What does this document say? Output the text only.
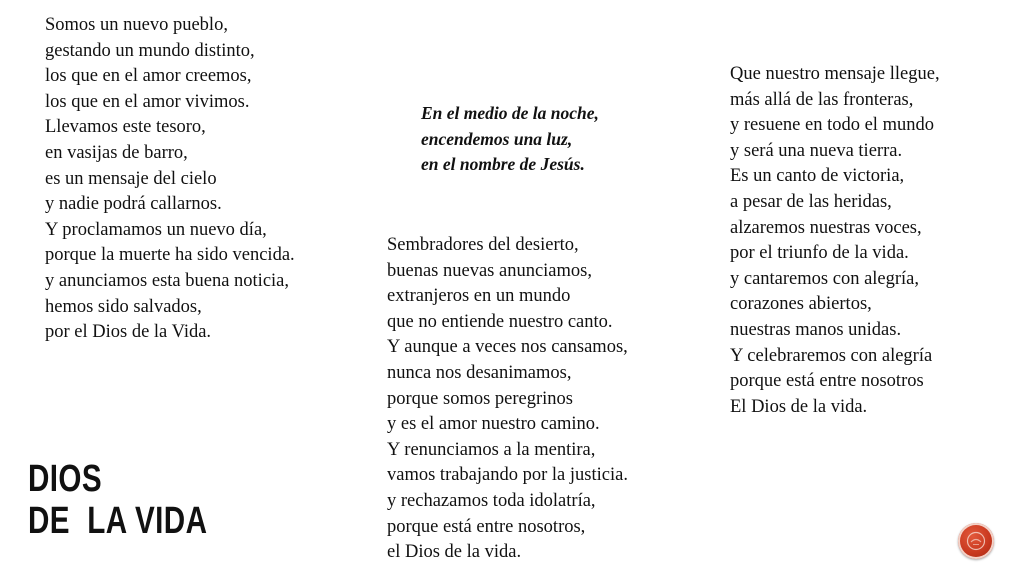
Somos un nuevo pueblo,
gestando un mundo distinto,
los que en el amor creemos,
los que en el amor vivimos.
Llevamos este tesoro,
en vasijas de barro,
es un mensaje del cielo
y nadie podrá callarnos.
Y proclamamos un nuevo día,
porque la muerte ha sido vencida.
y anunciamos esta buena noticia,
hemos sido salvados,
por el Dios de la Vida.
En el medio de la noche,
encendemos una luz,
en el nombre de Jesús.
Sembradores del desierto,
buenas nuevas anunciamos,
extranjeros en un mundo
que no entiende nuestro canto.
Y aunque a veces nos cansamos,
nunca nos desanimamos,
porque somos peregrinos
y es el amor nuestro camino.
Y renunciamos a la mentira,
vamos trabajando por la justicia.
y rechazamos toda idolatría,
porque está entre nosotros,
el Dios de la vida.
Que nuestro mensaje llegue,
más allá de las fronteras,
y resuene en todo el mundo
y será una nueva tierra.
Es un canto de victoria,
a pesar de las heridas,
alzaremos nuestras voces,
por el triunfo de la vida.
y cantaremos con alegría,
corazones abiertos,
nuestras manos unidas.
Y celebraremos con alegría
porque está entre nosotros
El Dios de la vida.
DIOS
DE  LA VIDA
